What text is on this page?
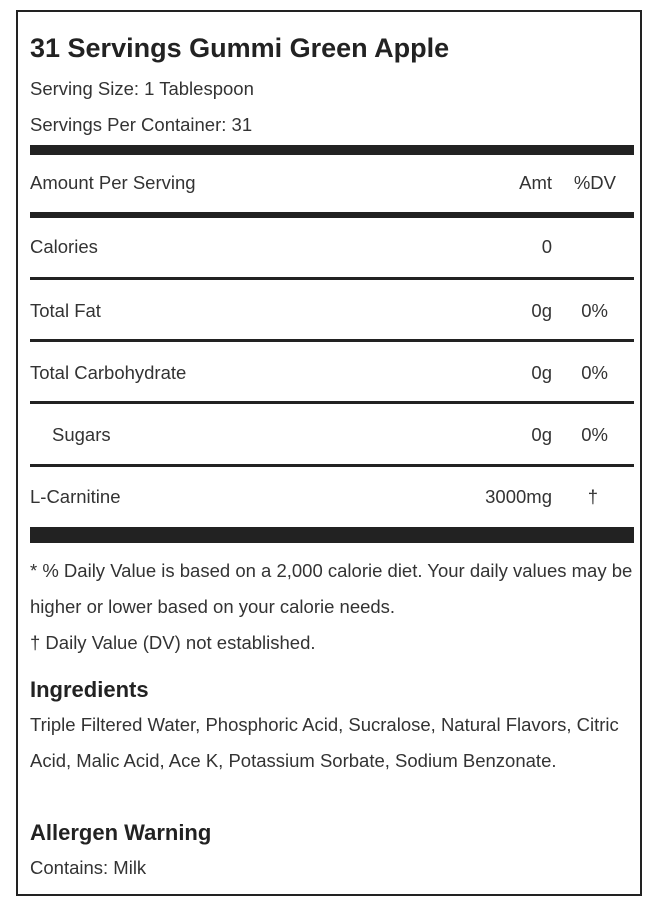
31 Servings Gummi Green Apple
Serving Size: 1 Tablespoon
Servings Per Container: 31
Amount Per Serving	Amt %DV
Calories	0
Total Fat	0g 0%
Total Carbohydrate	0g 0%
Sugars	0g 0%
L-Carnitine	3000mg †
* % Daily Value is based on a 2,000 calorie diet. Your daily values may be higher or lower based on your calorie needs.
† Daily Value (DV) not established.
Ingredients
Triple Filtered Water, Phosphoric Acid, Sucralose, Natural Flavors, Citric Acid, Malic Acid, Ace K, Potassium Sorbate, Sodium Benzonate.
Allergen Warning
Contains: Milk
